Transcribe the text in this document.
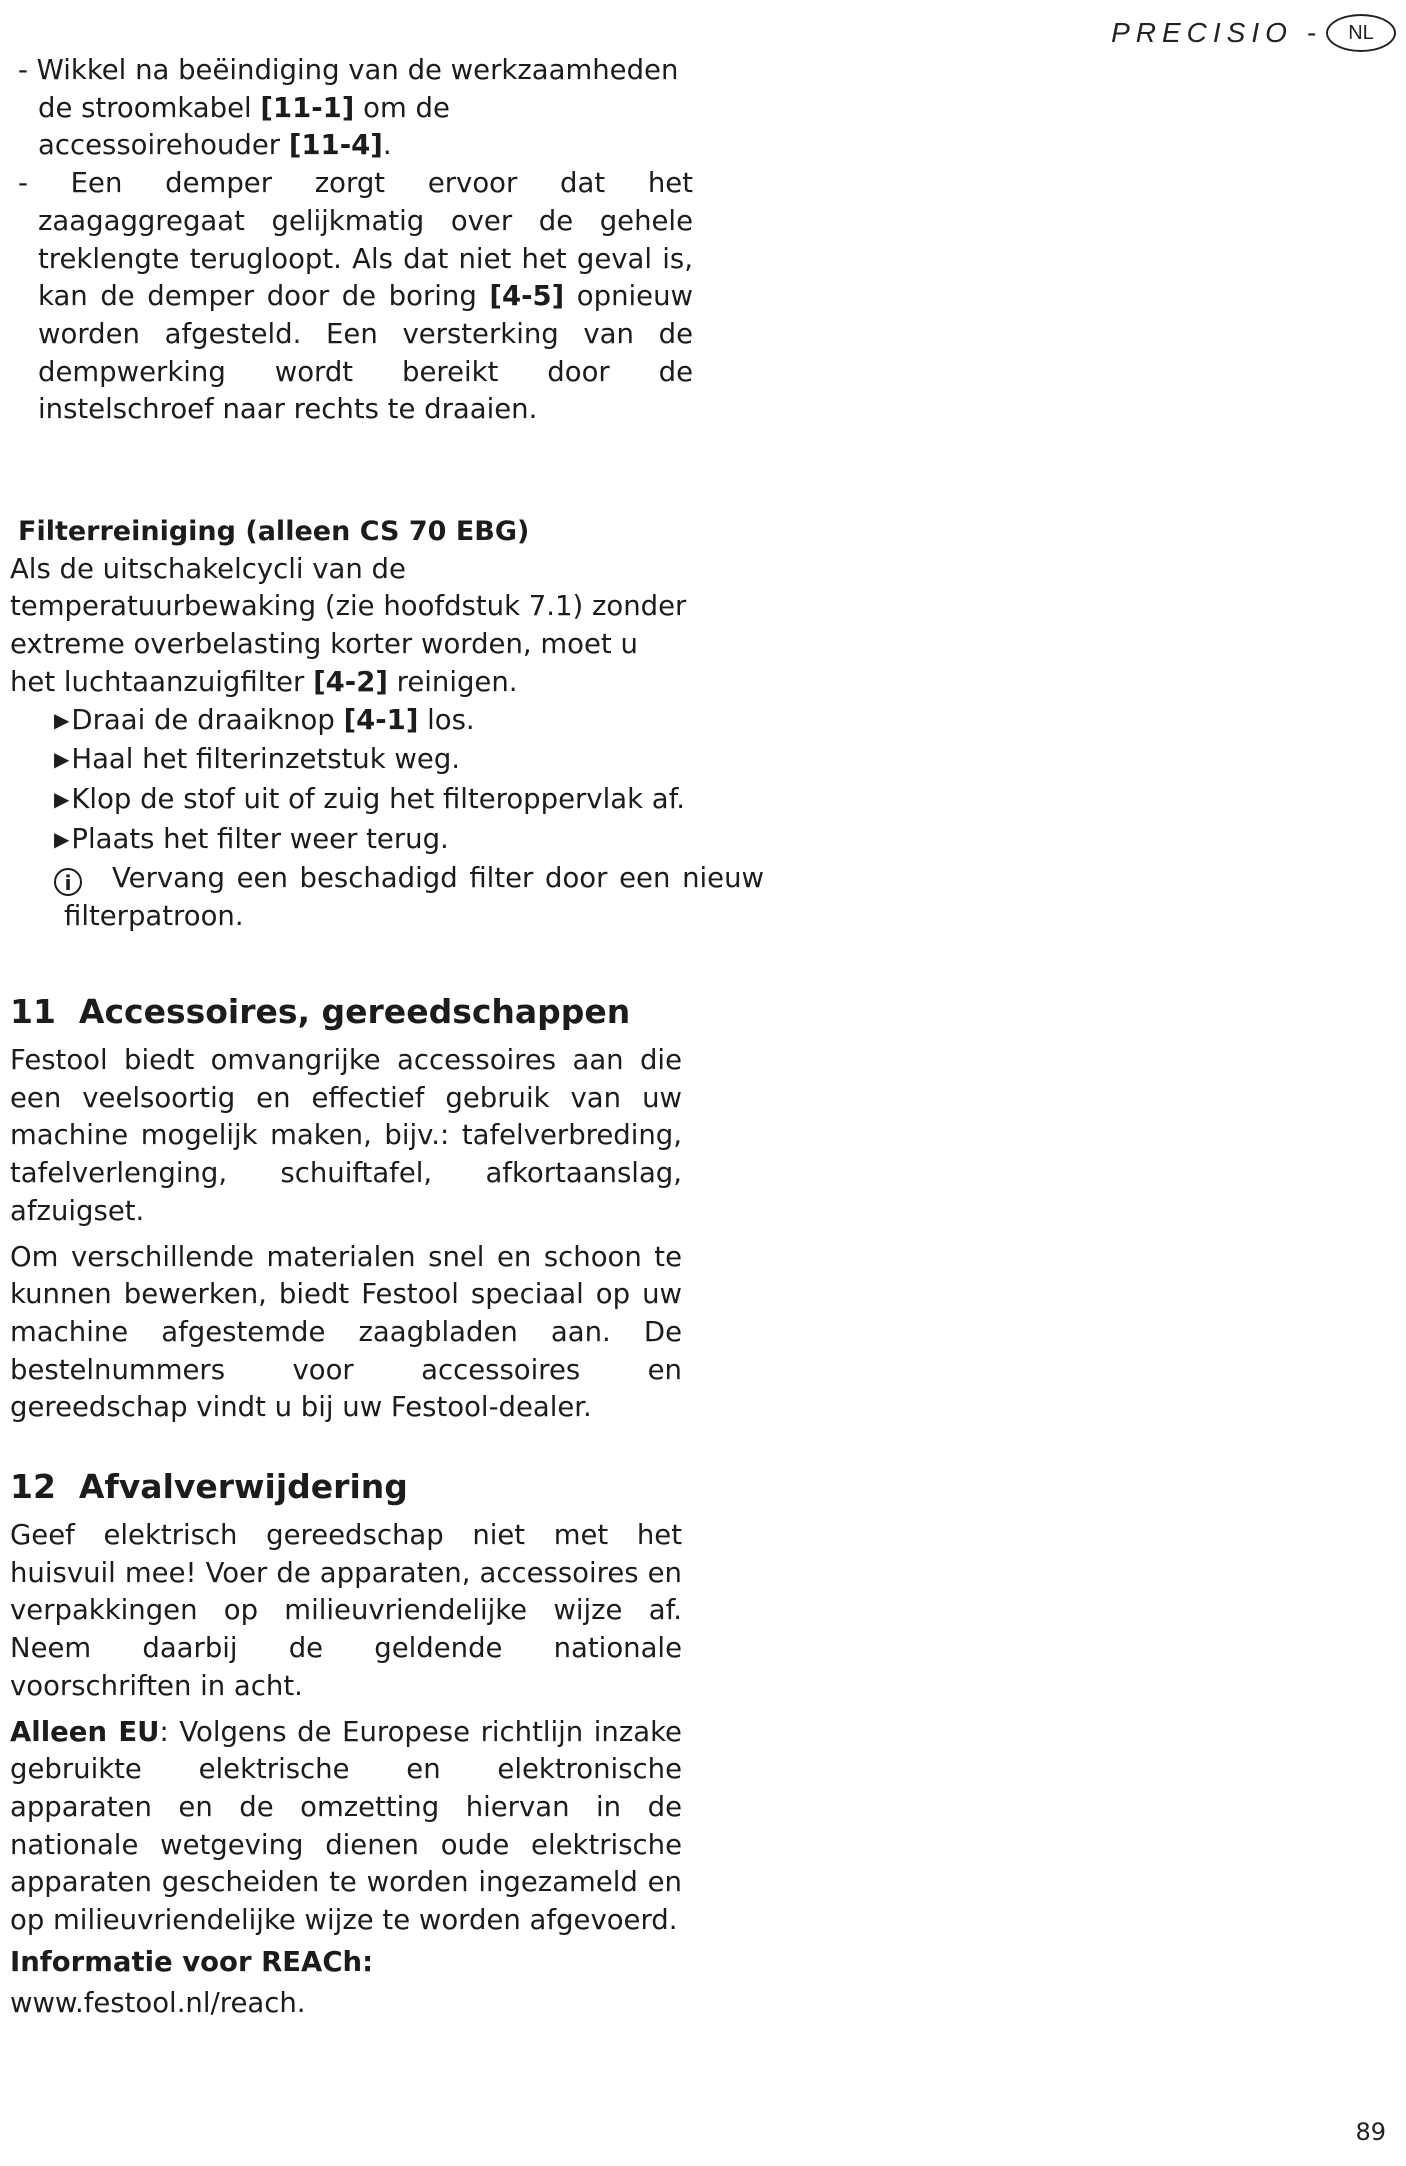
PRECISIO -	NL

- Wikkel na beëindiging van de werkzaamheden de stroomkabel [11-1] om de accessoirehouder [11-4].

- Een demper zorgt ervoor dat het zaagaggregaat gelijkmatig over de gehele treklengte terugloopt. Als dat niet het geval is, kan de demper door de boring [4-5] opnieuw worden afgesteld. Een versterking van de dempwerking wordt bereikt door de instelschroef naar rechts te draaien.

Filterreiniging (alleen CS 70 EBG)

Als de uitschakelcycli van de temperatuurbewaking (zie hoofdstuk 7.1) zonder extreme overbelasting korter worden, moet u het luchtaanzuigfilter [4-2] reinigen.

▶Draai de draaiknop [4-1] los.
▶Haal het filterinzetstuk weg.
▶Klop de stof uit of zuig het filteroppervlak af.
▶Plaats het filter weer terug.

i Vervang een beschadigd filter door een nieuw filterpatroon.

11  Accessoires, gereedschappen

Festool biedt omvangrijke accessoires aan die een veelsoortig en effectief gebruik van uw machine mogelijk maken, bijv.: tafelverbreding, tafelverlenging, schuiftafel, afkortaanslag, afzuigset.

Om verschillende materialen snel en schoon te kunnen bewerken, biedt Festool speciaal op uw machine afgestemde zaagbladen aan. De bestelnummers voor accessoires en gereedschap vindt u bij uw Festool-dealer.

12  Afvalverwijdering

Geef elektrisch gereedschap niet met het huisvuil mee! Voer de apparaten, accessoires en verpakkingen op milieuvriendelijke wijze af. Neem daarbij de geldende nationale voorschriften in acht.

Alleen EU: Volgens de Europese richtlijn inzake gebruikte elektrische en elektronische apparaten en de omzetting hiervan in de nationale wetgeving dienen oude elektrische apparaten gescheiden te worden ingezameld en op milieuvriendelijke wijze te worden afgevoerd.

Informatie voor REACh:

www.festool.nl/reach.

89
